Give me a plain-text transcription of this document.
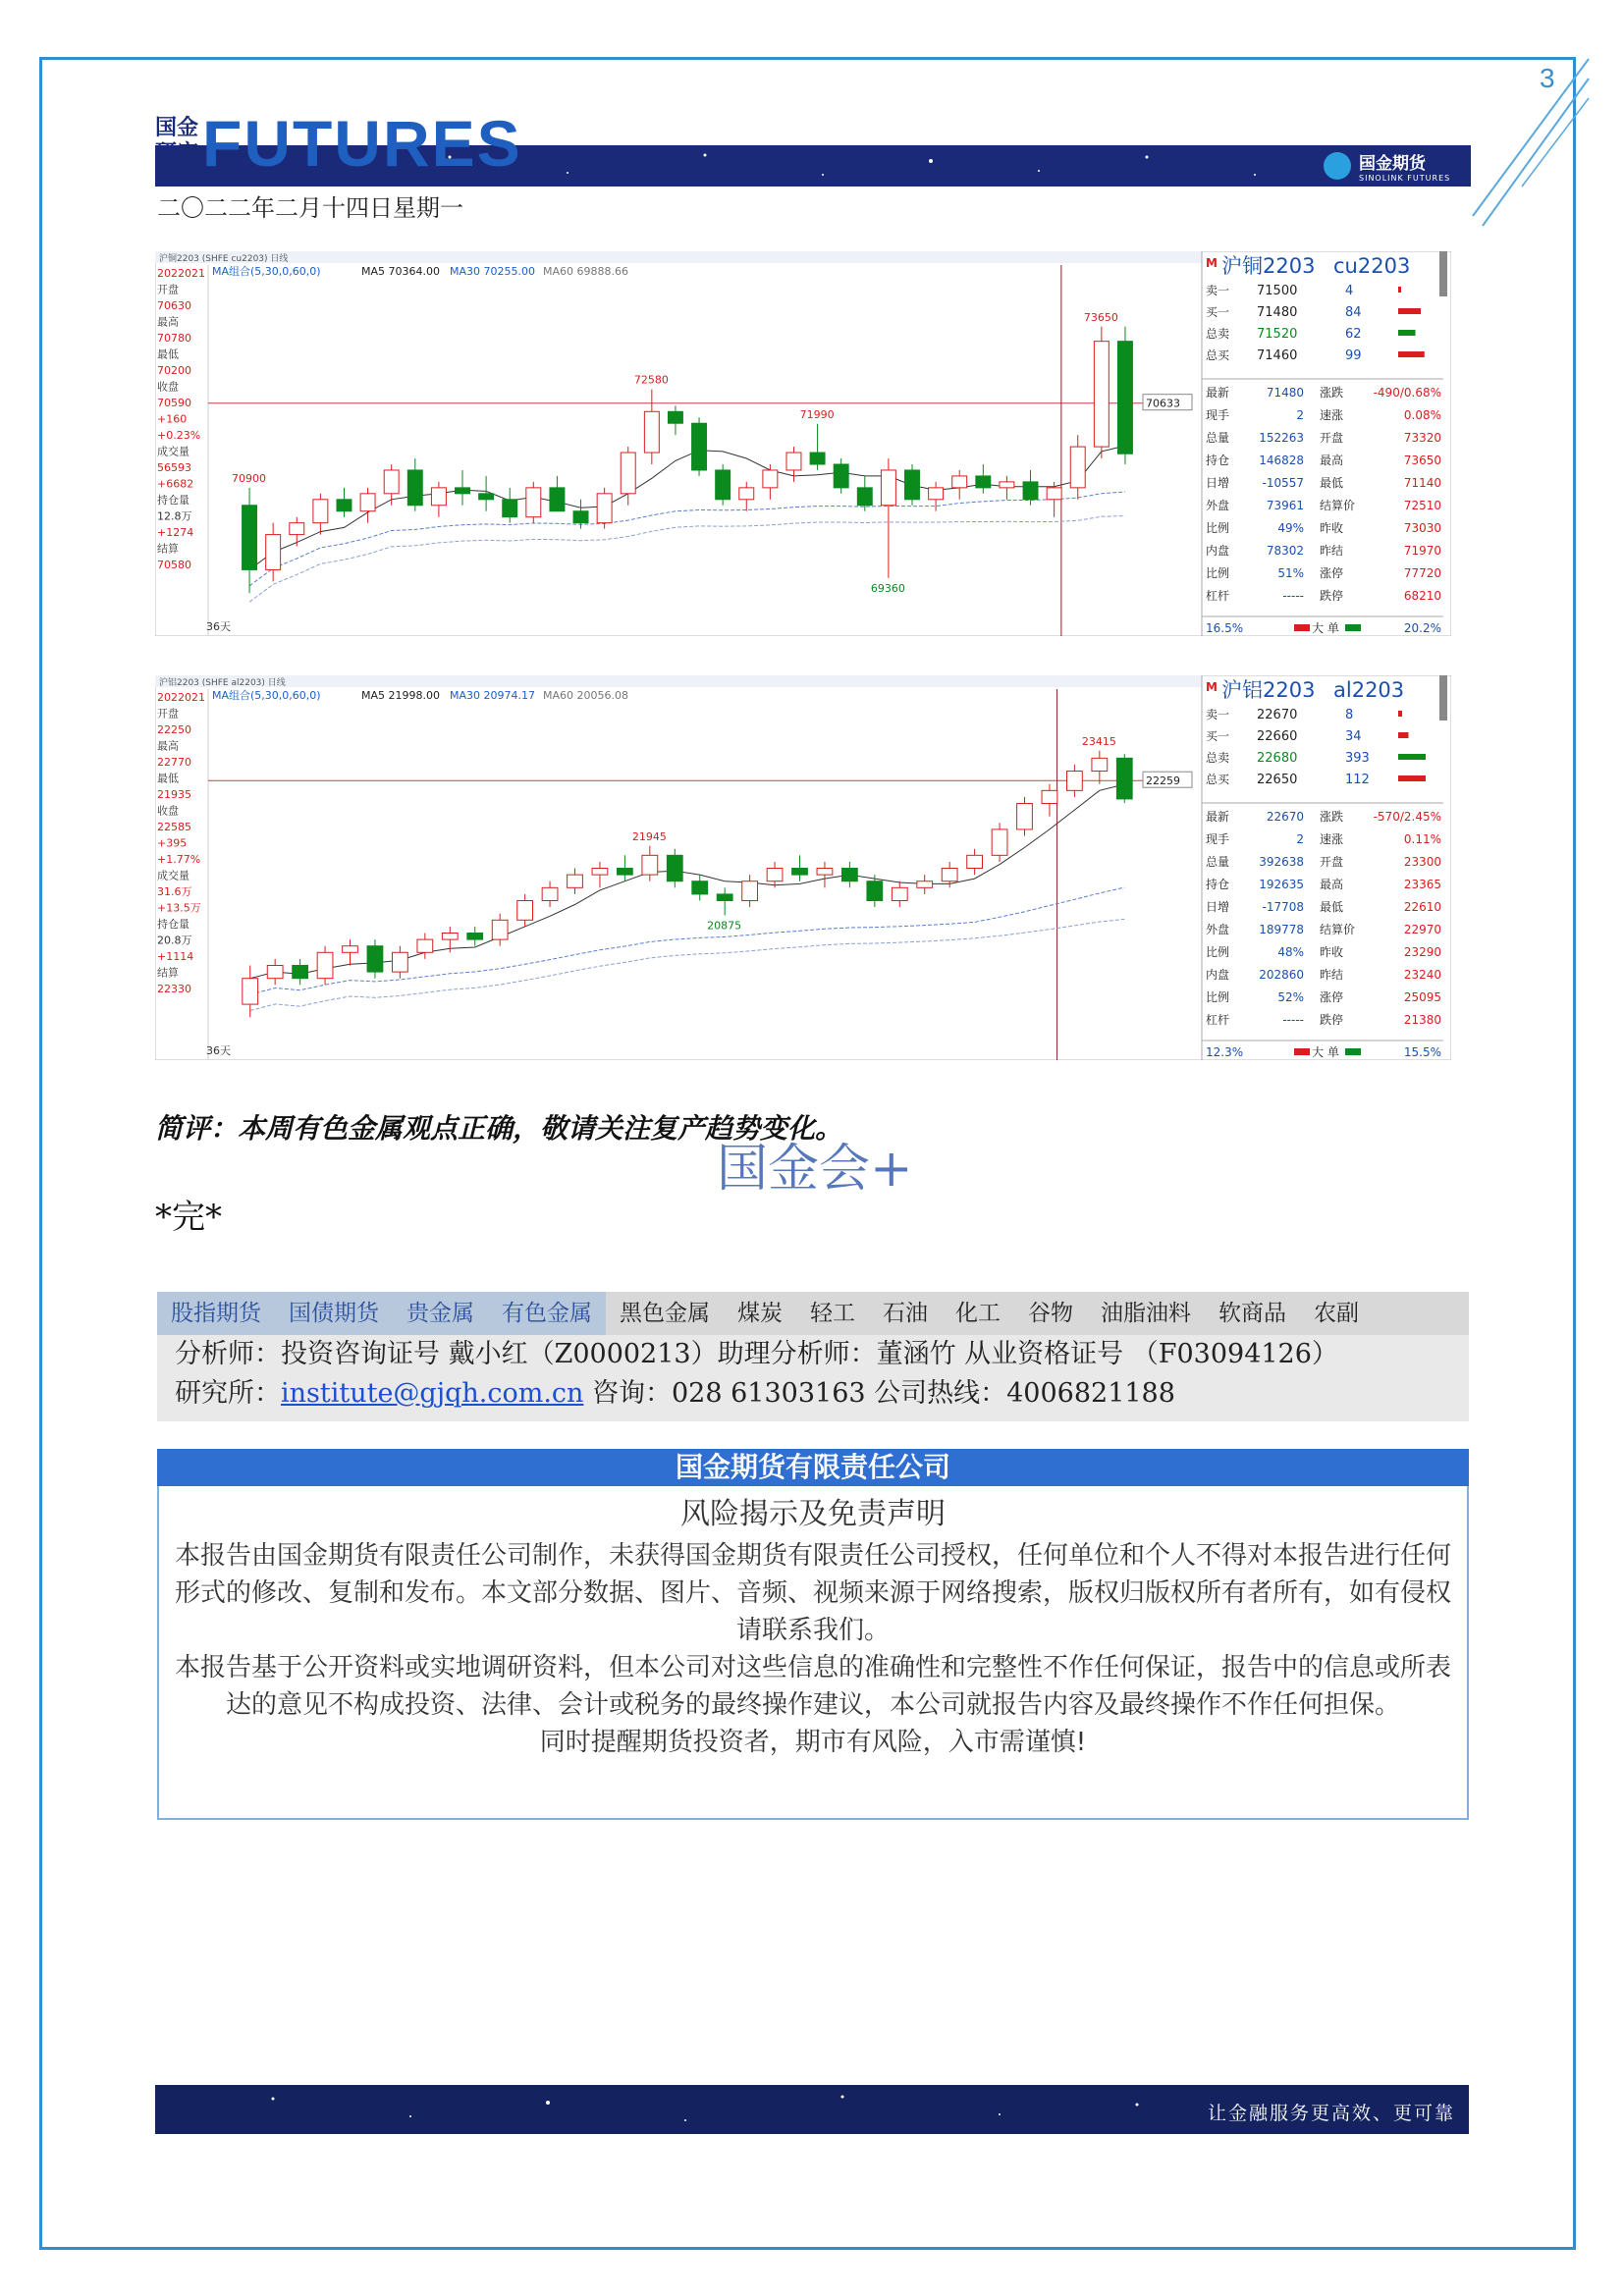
3
国金
研究 FUTURES	国金期货
SINOLINK FUTURES
二〇二二年二月十四日星期一
沪铜2203 (SHFE cu2203) 日线
MA组合(5,30,0,60,0)	MA5 70364.00 MA30 70255.00 MA60 69888.66
2022021
开盘
70630
最高
70780
最低
70200
收盘
70590
+160
+0.23%
成交量
56593
+6682
持仓量
12.8万
+1274
结算
70580
70633
73650
72580
71990
70900
69360
36天
M 沪铜2203 cu2203
卖一 71500	4
买一 71480	84
总卖 71520	62
总买 71460	99
最新	71480 涨跌	-490/0.68%
现手	2 速涨	0.08%
总量	152263 开盘	73320
持仓	146828 最高	73650
日增	-10557 最低	71140
外盘	73961 结算价	72510
比例	49% 昨收	73030
内盘	78302 昨结	71970
比例	51% 涨停	77720
杠杆	----- 跌停	68210
16.5%	大 单	20.2%
沪铝2203 (SHFE al2203) 日线
MA组合(5,30,0,60,0)	MA5 21998.00 MA30 20974.17 MA60 20056.08
2022021
开盘
22250
最高
22770
最低
21935
收盘
22585
+395
+1.77%
成交量
31.6万
+13.5万
持仓量
20.8万
+1114
结算
22330
22259
23415
21945
20875
36天
M 沪铝2203 al2203
卖一 22670	8
买一 22660	34
总卖 22680	393
总买 22650	112
最新	22670 涨跌	-570/2.45%
现手	2 速涨	0.11%
总量	392638 开盘	23300
持仓	192635 最高	23365
日增	-17708 最低	22610
外盘	189778 结算价	22970
比例	48% 昨收	23290
内盘	202860 昨结	23240
比例	52% 涨停	25095
杠杆	----- 跌停	21380
12.3%	大 单	15.5%
简评：本周有色金属观点正确，敬请关注复产趋势变化。
国金会+
*完*
股指期货	国债期货	贵金属	有色金属	黑色金属	煤炭	轻工	石油	化工	谷物	油脂油料	软商品	农副
分析师：投资咨询证号 戴小红（Z0000213）助理分析师：董涵竹 从业资格证号 （F03094126）
研究所：institute@gjqh.com.cn 咨询：028 61303163 公司热线：4006821188
国金期货有限责任公司
风险揭示及免责声明

本报告由国金期货有限责任公司制作，未获得国金期货有限责任公司授权，任何单位和个人不得对本报告进行任何形式的修改、复制和发布。本文部分数据、图片、音频、视频来源于网络搜索，版权归版权所有者所有，如有侵权请联系我们。

本报告基于公开资料或实地调研资料，但本公司对这些信息的准确性和完整性不作任何保证，报告中的信息或所表达的意见不构成投资、法律、会计或税务的最终操作建议，本公司就报告内容及最终操作不作任何担保。

同时提醒期货投资者，期市有风险，入市需谨慎!

让金融服务更高效、更可靠
